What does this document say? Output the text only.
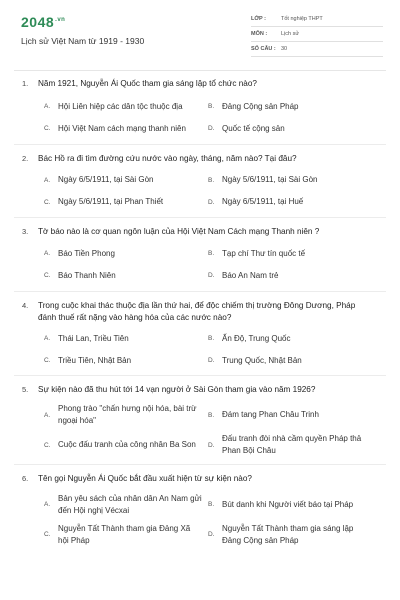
$2048^{.vn}$
Lịch sử Việt Nam từ 1919 - 1930
LỚP :	Tốt nghiệp THPT
MÔN :	Lịch sử
SỐ CÂU : 30
1.	Năm 1921, Nguyễn Ái Quốc tham gia sáng lập tổ chức nào?
A. Hội Liên hiệp các dân tộc thuộc địa	B. Đảng Cộng sản Pháp
C. Hội Việt Nam cách mạng thanh niên	D. Quốc tế cộng sản
2.	Bác Hồ ra đi tìm đường cứu nước vào ngày, tháng, năm nào? Tại đâu?
A. Ngày 6/5/1911, tại Sài Gòn	B. Ngày 5/6/1911, tại Sài Gòn
C. Ngày 5/6/1911, tại Phan Thiết	D. Ngày 6/5/1911, tại Huế
3.	Tờ báo nào là cơ quan ngôn luận của Hội Việt Nam Cách mạng Thanh niên ?
A. Báo Tiền Phong	B. Tạp chí Thư tín quốc tế
C. Báo Thanh Niên	D. Báo An Nam trẻ
4.	Trong cuộc khai thác thuộc địa lần thứ hai, để độc chiếm thị trường Đông Dương, Pháp đánh thuế rất nặng vào hàng hóa của các nước nào?
A. Thái Lan, Triều Tiên	B. Ấn Độ, Trung Quốc
C. Triều Tiên, Nhật Bản	D. Trung Quốc, Nhật Bản
5.	Sự kiện nào đã thu hút tới 14 vạn người ở Sài Gòn tham gia vào năm 1926?
A.
Phong trào "chấn hưng nội hóa, bài trừ ngoại hóa"
B. Đám tang Phan Châu Trinh
C. Cuộc đấu tranh của công nhân Ba Son	D.
Đấu tranh đòi nhà cầm quyền Pháp thả Phan Bội Châu
6.	Tên gọi Nguyễn Ái Quốc bắt đầu xuất hiện từ sự kiện nào?
A.
Bản yêu sách của nhân dân An Nam gửi đến Hội nghị Vécxai
B. Bút danh khi Người viết báo tại Pháp
C.
Nguyễn Tất Thành tham gia Đảng Xã hội Pháp
D.
Nguyễn Tất Thành tham gia sáng lập Đảng Cộng sản Pháp
